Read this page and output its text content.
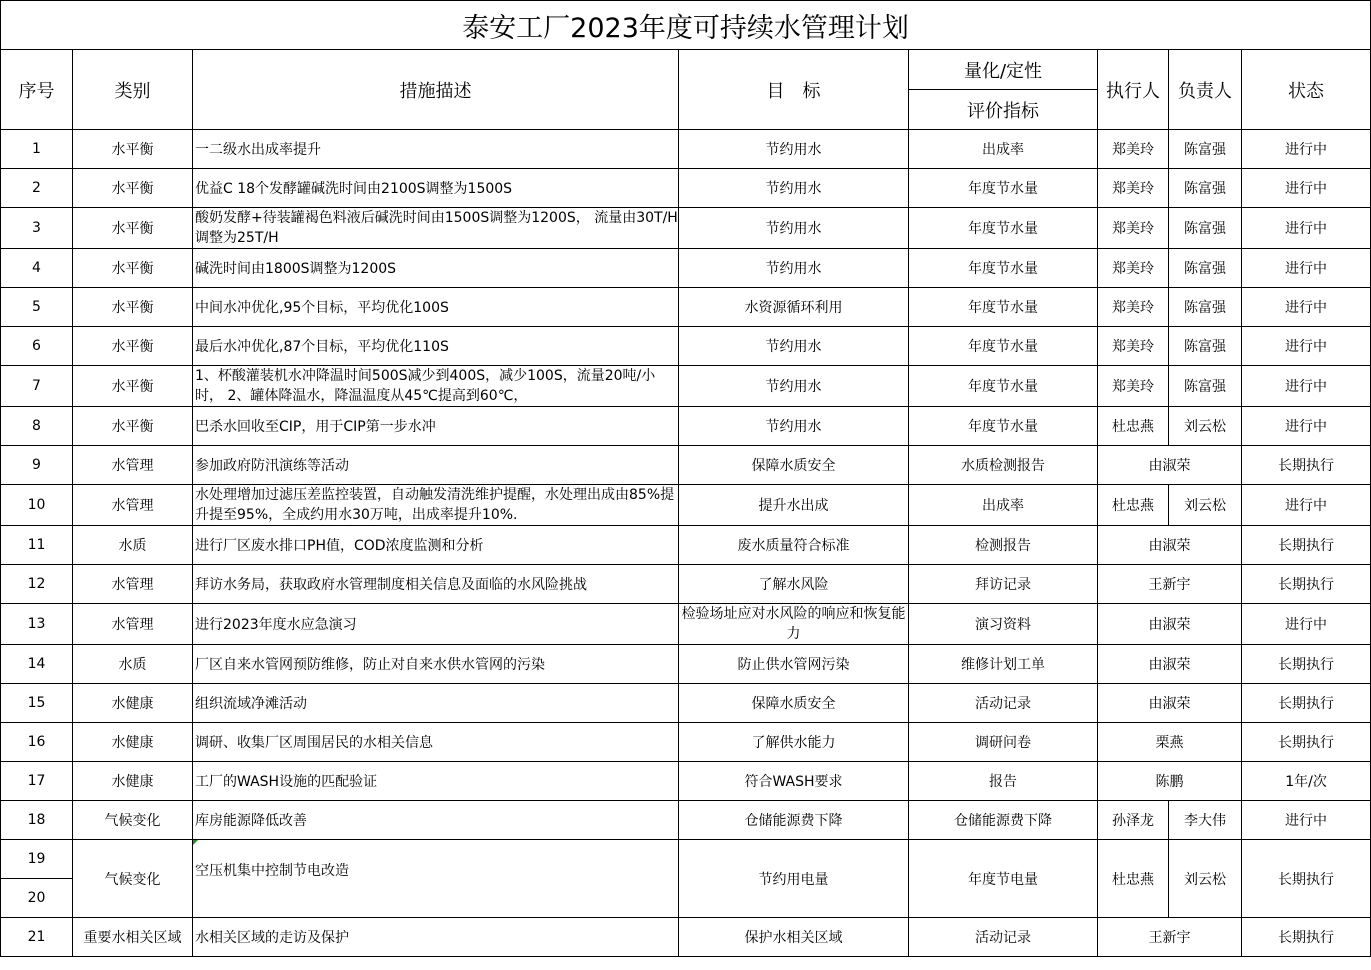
泰安工厂2023年度可持续水管理计划							
序号	类别	措施描述	目　标	量化/定性	执行人	负责人	状态
				评价指标			
1	水平衡	一二级水出成率提升	节约用水	出成率	郑美玲	陈富强	进行中
2	水平衡	优益C 18个发酵罐碱洗时间由2100S调整为1500S	节约用水	年度节水量	郑美玲	陈富强	进行中
3	水平衡	酸奶发酵+待装罐褐色料液后碱洗时间由1500S调整为1200S， 流量由30T/H调整为25T/H	节约用水	年度节水量	郑美玲	陈富强	进行中
4	水平衡	碱洗时间由1800S调整为1200S	节约用水	年度节水量	郑美玲	陈富强	进行中
5	水平衡	中间水冲优化,95个目标，平均优化100S	水资源循环利用	年度节水量	郑美玲	陈富强	进行中
6	水平衡	最后水冲优化,87个目标，平均优化110S	节约用水	年度节水量	郑美玲	陈富强	进行中
7	水平衡	1、杯酸灌装机水冲降温时间500S减少到400S，减少100S，流量20吨/小时， 2、罐体降温水，降温温度从45℃提高到60℃，	节约用水	年度节水量	郑美玲	陈富强	进行中
8	水平衡	巴杀水回收至CIP，用于CIP第一步水冲	节约用水	年度节水量	杜忠燕	刘云松	进行中
9	水管理	参加政府防汛演练等活动	保障水质安全	水质检测报告	由淑荣		长期执行
10	水管理	水处理增加过滤压差监控装置，自动触发清洗维护提醒，水处理出成由85%提升提至95%，全成约用水30万吨，出成率提升10%.	提升水出成	出成率	杜忠燕	刘云松	进行中
11	水质	进行厂区废水排口PH值，COD浓度监测和分析	废水质量符合标准	检测报告	由淑荣		长期执行
12	水管理	拜访水务局，获取政府水管理制度相关信息及面临的水风险挑战	了解水风险	拜访记录	王新宇		长期执行
13	水管理	进行2023年度水应急演习	检验场址应对水风险的响应和恢复能力	演习资料	由淑荣		进行中
14	水质	厂区自来水管网预防维修，防止对自来水供水管网的污染	防止供水管网污染	维修计划工单	由淑荣		长期执行
15	水健康	组织流域净滩活动	保障水质安全	活动记录	由淑荣		长期执行
16	水健康	调研、收集厂区周围居民的水相关信息	了解供水能力	调研问卷	栗燕		长期执行
17	水健康	工厂的WASH设施的匹配验证	符合WASH要求	报告	陈鹏		1年/次
18	气候变化	库房能源降低改善	仓储能源费下降	仓储能源费下降	孙泽龙	李大伟	进行中
19	气候变化	空压机集中控制节电改造	节约用电量	年度节电量	杜忠燕	刘云松	长期执行
20							
21	重要水相关区域	水相关区域的走访及保护	保护水相关区域	活动记录	王新宇		长期执行
